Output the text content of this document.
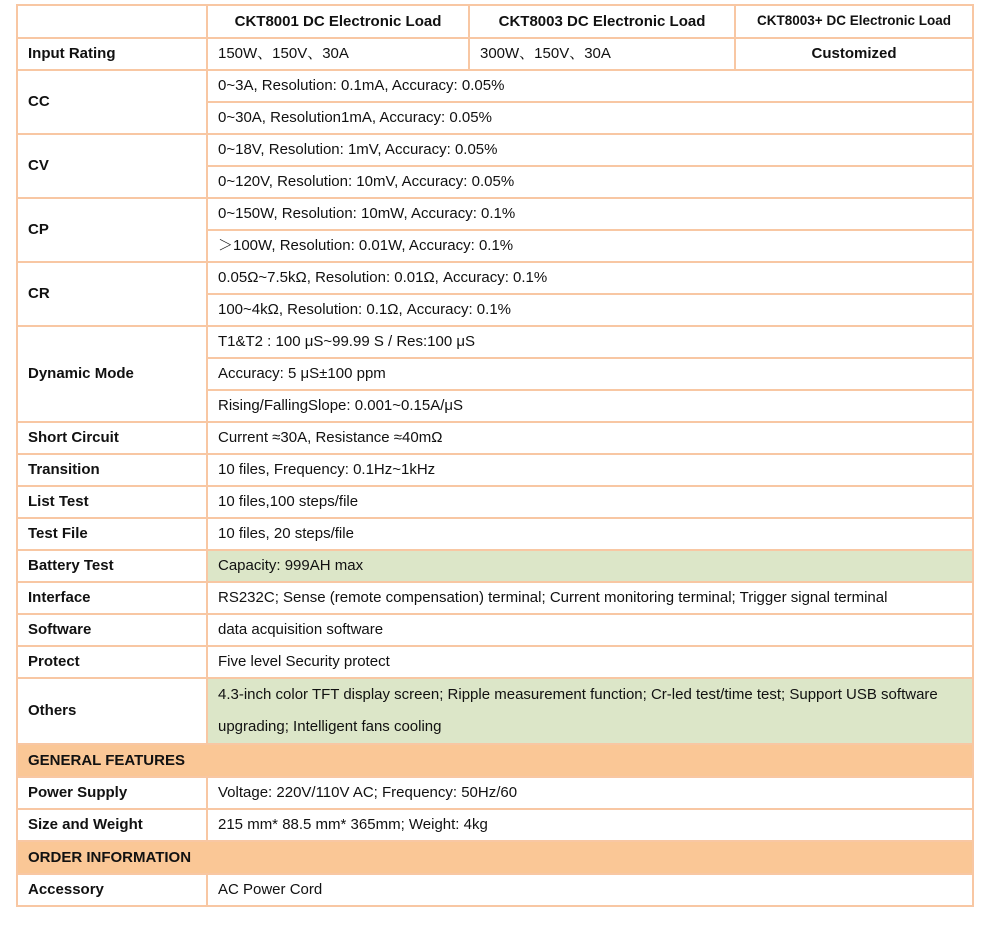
	CKT8001 DC Electronic Load	CKT8003 DC Electronic Load	CKT8003+ DC Electronic Load
Input Rating	150W、150V、30A	300W、150V、30A	Customized
CC	0~3A, Resolution: 0.1mA, Accuracy: 0.05%		
	0~30A, Resolution1mA, Accuracy: 0.05%		
CV	0~18V, Resolution: 1mV, Accuracy: 0.05%		
	0~120V, Resolution: 10mV, Accuracy: 0.05%		
CP	0~150W, Resolution: 10mW, Accuracy: 0.1%		
	＞100W, Resolution: 0.01W, Accuracy: 0.1%		
CR	0.05Ω~7.5kΩ, Resolution: 0.01Ω, Accuracy: 0.1%		
	100~4kΩ, Resolution: 0.1Ω, Accuracy: 0.1%		
Dynamic Mode	T1&T2 : 100 μS~99.99 S / Res:100 μS		
	Accuracy: 5 μS±100 ppm		
	Rising/FallingSlope: 0.001~0.15A/μS		
Short Circuit	Current ≈30A, Resistance ≈40mΩ		
Transition	10 files, Frequency: 0.1Hz~1kHz		
List Test	10 files,100 steps/file		
Test File	10 files, 20 steps/file		
Battery Test	Capacity: 999AH max		
Interface	RS232C; Sense (remote compensation) terminal; Current monitoring terminal; Trigger signal terminal		
Software	data acquisition software		
Protect	Five level Security protect		
Others	4.3-inch color TFT display screen; Ripple measurement function; Cr-led test/time test; Support USB software upgrading; Intelligent fans cooling		
GENERAL FEATURES			
Power Supply	Voltage: 220V/110V AC; Frequency: 50Hz/60		
Size and Weight	215 mm* 88.5 mm* 365mm; Weight: 4kg		
ORDER INFORMATION			
Accessory	AC Power Cord		
